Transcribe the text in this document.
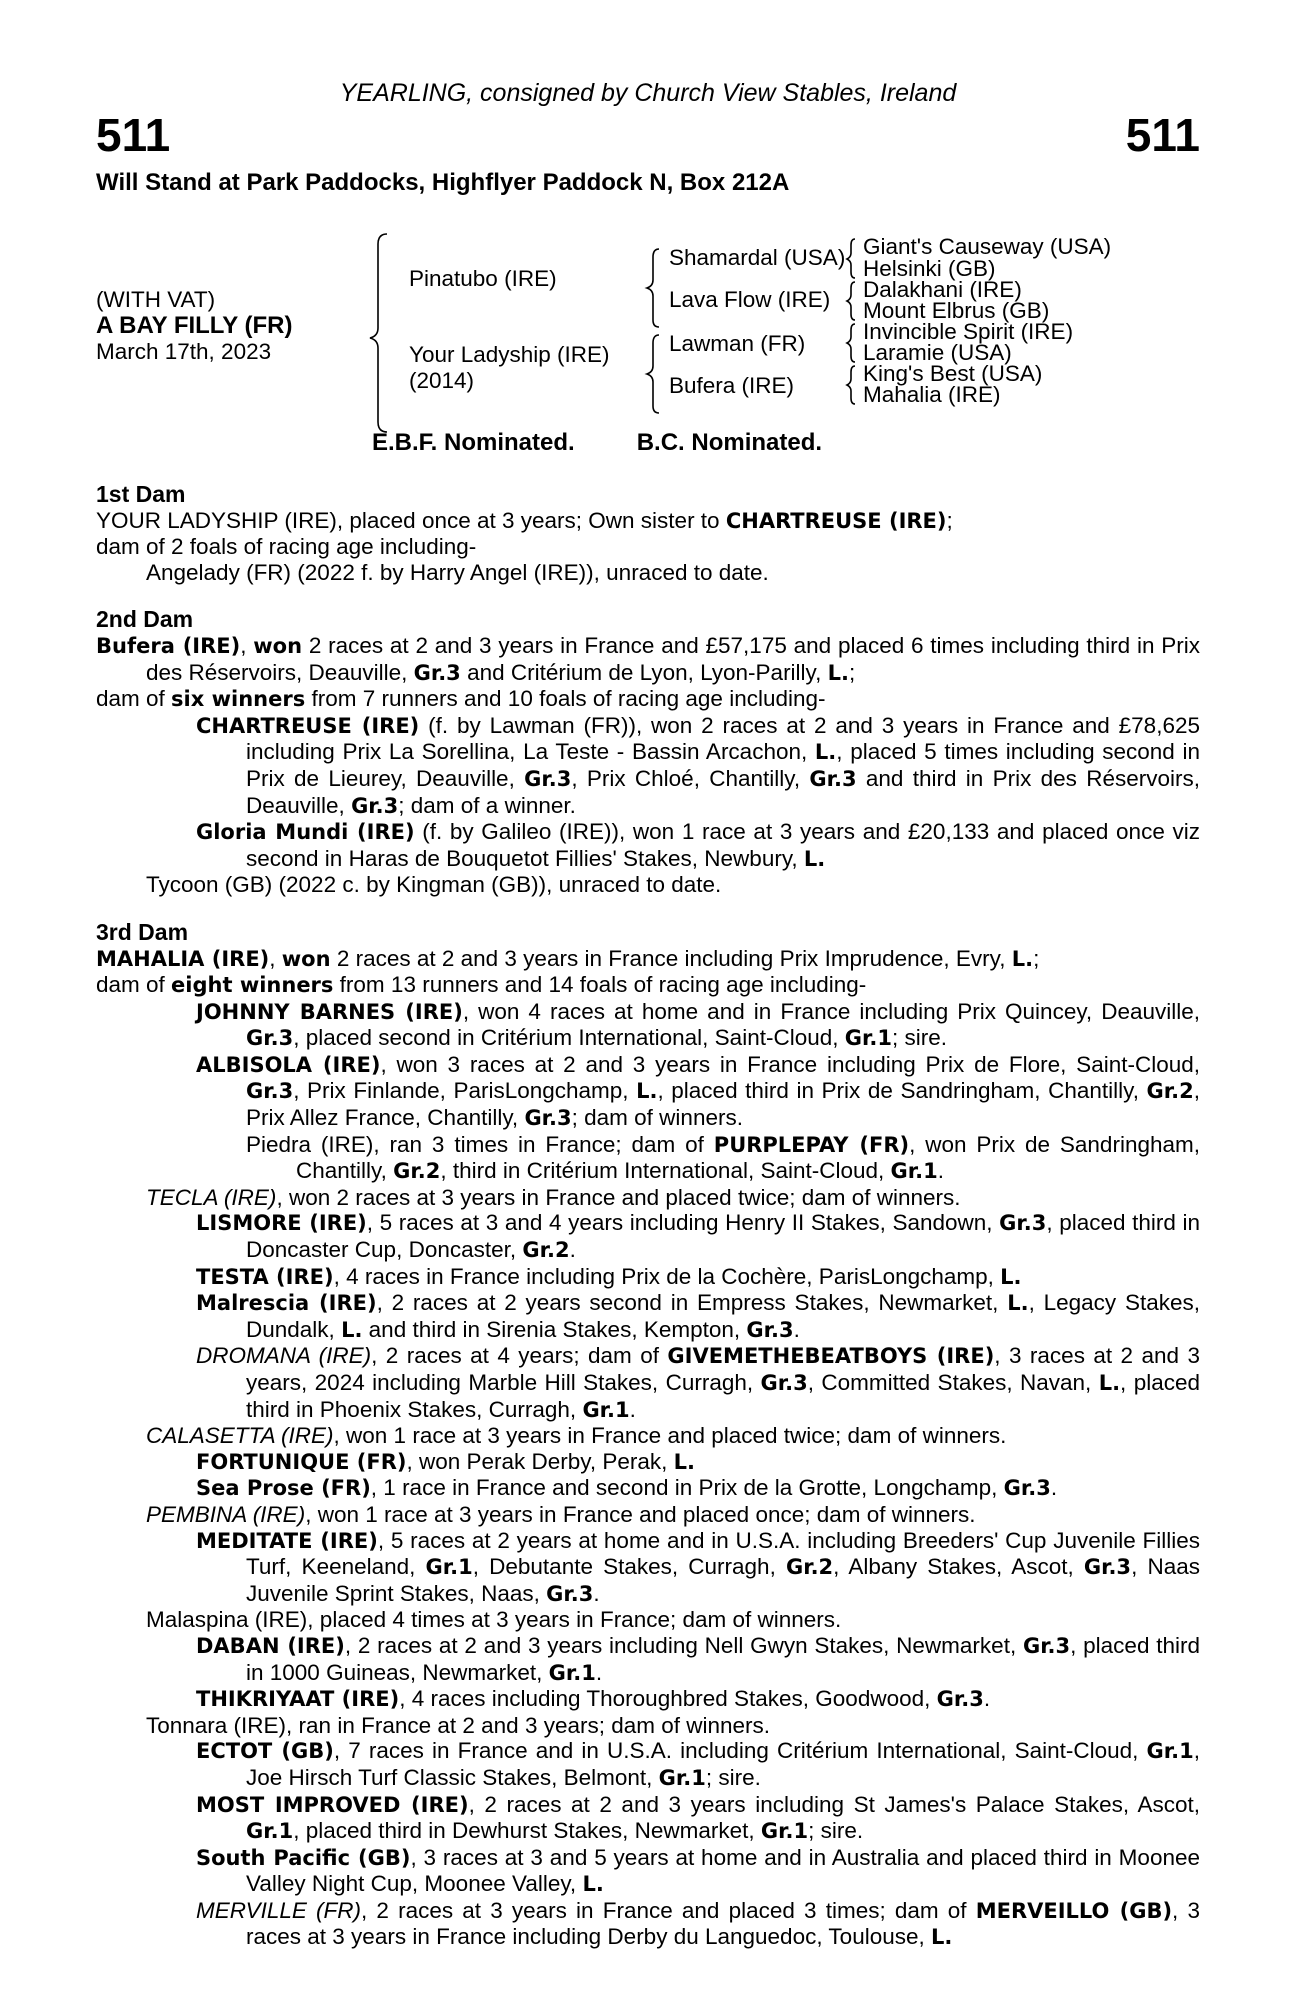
YEARLING, consigned by Church View Stables, Ireland
511	511
Will Stand at Park Paddocks, Highflyer Paddock N, Box 212A
(WITH VAT)
A BAY FILLY (FR)
March 17th, 2023
Pinatubo (IRE)
Your Ladyship (IRE)
(2014)
Shamardal (USA)
Lava Flow (IRE)
Lawman (FR)
Bufera (IRE)
Giant's Causeway (USA)
Helsinki (GB)
Dalakhani (IRE)
Mount Elbrus (GB)
Invincible Spirit (IRE)
Laramie (USA)
King's Best (USA)
Mahalia (IRE)
E.B.F. Nominated.	B.C. Nominated.
1st Dam

YOUR LADYSHIP (IRE), placed once at 3 years; Own sister to CHARTREUSE (IRE);

dam of 2 foals of racing age including-

Angelady (FR) (2022 f. by Harry Angel (IRE)), unraced to date.

2nd Dam

Bufera (IRE), won 2 races at 2 and 3 years in France and £57,175 and placed 6 times including third in Prix des Réservoirs, Deauville, Gr.3 and Critérium de Lyon, Lyon-Parilly, L.;

dam of six winners from 7 runners and 10 foals of racing age including-

CHARTREUSE (IRE) (f. by Lawman (FR)), won 2 races at 2 and 3 years in France and £78,625 including Prix La Sorellina, La Teste - Bassin Arcachon, L., placed 5 times including second in Prix de Lieurey, Deauville, Gr.3, Prix Chloé, Chantilly, Gr.3 and third in Prix des Réservoirs, Deauville, Gr.3; dam of a winner.

Gloria Mundi (IRE) (f. by Galileo (IRE)), won 1 race at 3 years and £20,133 and placed once viz second in Haras de Bouquetot Fillies' Stakes, Newbury, L.

Tycoon (GB) (2022 c. by Kingman (GB)), unraced to date.

3rd Dam

MAHALIA (IRE), won 2 races at 2 and 3 years in France including Prix Imprudence, Evry, L.;

dam of eight winners from 13 runners and 14 foals of racing age including-

JOHNNY BARNES (IRE), won 4 races at home and in France including Prix Quincey, Deauville, Gr.3, placed second in Critérium International, Saint-Cloud, Gr.1; sire.

ALBISOLA (IRE), won 3 races at 2 and 3 years in France including Prix de Flore, Saint-Cloud, Gr.3, Prix Finlande, ParisLongchamp, L., placed third in Prix de Sandringham, Chantilly, Gr.2, Prix Allez France, Chantilly, Gr.3; dam of winners.

Piedra (IRE), ran 3 times in France; dam of PURPLEPAY (FR), won Prix de Sandringham, Chantilly, Gr.2, third in Critérium International, Saint-Cloud, Gr.1.

TECLA (IRE), won 2 races at 3 years in France and placed twice; dam of winners.

LISMORE (IRE), 5 races at 3 and 4 years including Henry II Stakes, Sandown, Gr.3, placed third in Doncaster Cup, Doncaster, Gr.2.

TESTA (IRE), 4 races in France including Prix de la Cochère, ParisLongchamp, L.

Malrescia (IRE), 2 races at 2 years second in Empress Stakes, Newmarket, L., Legacy Stakes, Dundalk, L. and third in Sirenia Stakes, Kempton, Gr.3.

DROMANA (IRE), 2 races at 4 years; dam of GIVEMETHEBEATBOYS (IRE), 3 races at 2 and 3 years, 2024 including Marble Hill Stakes, Curragh, Gr.3, Committed Stakes, Navan, L., placed third in Phoenix Stakes, Curragh, Gr.1.

CALASETTA (IRE), won 1 race at 3 years in France and placed twice; dam of winners.

FORTUNIQUE (FR), won Perak Derby, Perak, L.

Sea Prose (FR), 1 race in France and second in Prix de la Grotte, Longchamp, Gr.3.

PEMBINA (IRE), won 1 race at 3 years in France and placed once; dam of winners.

MEDITATE (IRE), 5 races at 2 years at home and in U.S.A. including Breeders' Cup Juvenile Fillies Turf, Keeneland, Gr.1, Debutante Stakes, Curragh, Gr.2, Albany Stakes, Ascot, Gr.3, Naas Juvenile Sprint Stakes, Naas, Gr.3.

Malaspina (IRE), placed 4 times at 3 years in France; dam of winners.

DABAN (IRE), 2 races at 2 and 3 years including Nell Gwyn Stakes, Newmarket, Gr.3, placed third in 1000 Guineas, Newmarket, Gr.1.

THIKRIYAAT (IRE), 4 races including Thoroughbred Stakes, Goodwood, Gr.3.

Tonnara (IRE), ran in France at 2 and 3 years; dam of winners.

ECTOT (GB), 7 races in France and in U.S.A. including Critérium International, Saint-Cloud, Gr.1, Joe Hirsch Turf Classic Stakes, Belmont, Gr.1; sire.

MOST IMPROVED (IRE), 2 races at 2 and 3 years including St James's Palace Stakes, Ascot, Gr.1, placed third in Dewhurst Stakes, Newmarket, Gr.1; sire.

South Pacific (GB), 3 races at 3 and 5 years at home and in Australia and placed third in Moonee Valley Night Cup, Moonee Valley, L.

MERVILLE (FR), 2 races at 3 years in France and placed 3 times; dam of MERVEILLO (GB), 3 races at 3 years in France including Derby du Languedoc, Toulouse, L.
